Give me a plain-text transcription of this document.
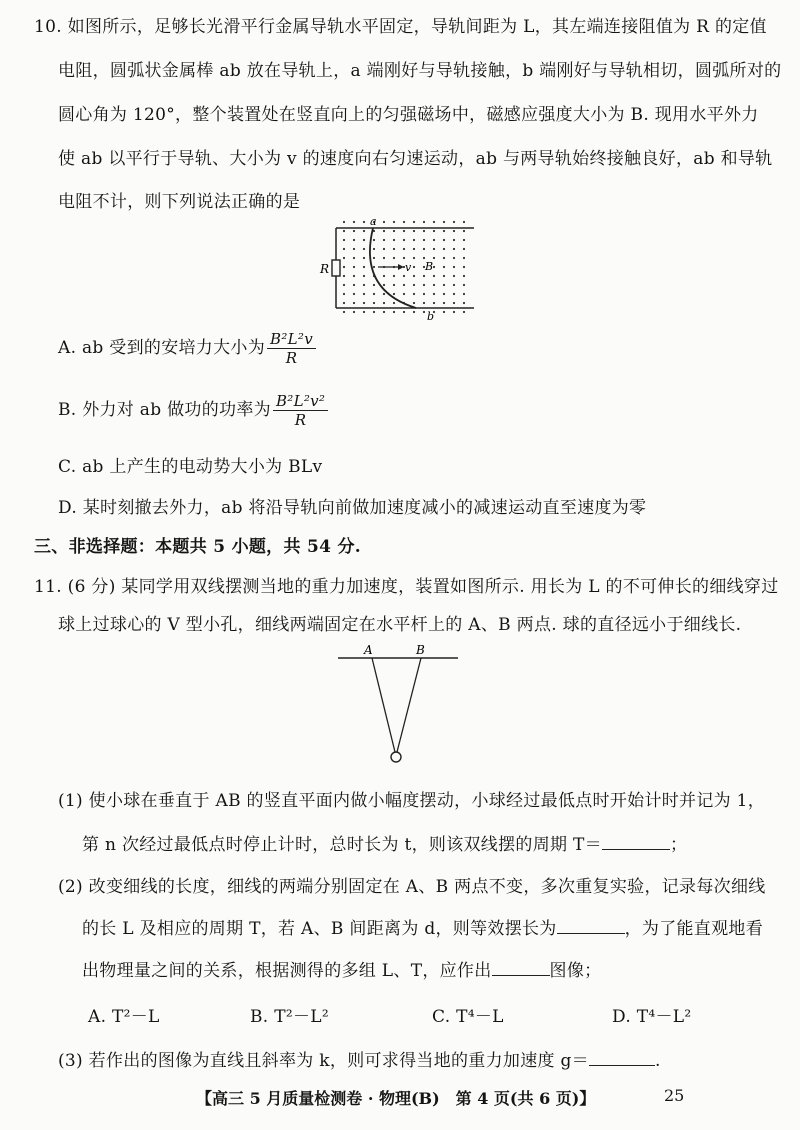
10. 如图所示，足够长光滑平行金属导轨水平固定，导轨间距为 L，其左端连接阻值为 R 的定值
电阻，圆弧状金属棒 ab 放在导轨上，a 端刚好与导轨接触，b 端刚好与导轨相切，圆弧所对的
圆心角为 120°，整个装置处在竖直向上的匀强磁场中，磁感应强度大小为 B. 现用水平外力
使 ab 以平行于导轨、大小为 v 的速度向右匀速运动，ab 与两导轨始终接触良好，ab 和导轨
电阻不计，则下列说法正确的是
R
a
b
v B
A. ab 受到的安培力大小为 $\frac{\text{B²L²v}}{R}$
B. 外力对 ab 做功的功率为 $\frac{\text{B²L²v²}}{R}$
C. ab 上产生的电动势大小为 BLv
D. 某时刻撤去外力，ab 将沿导轨向前做加速度减小的减速运动直至速度为零
三、非选择题：本题共 5 小题，共 54 分.
11. (6 分) 某同学用双线摆测当地的重力加速度，装置如图所示. 用长为 L 的不可伸长的细线穿过
球上过球心的 V 型小孔，细线两端固定在水平杆上的 A、B 两点. 球的直径远小于细线长.
A	B
(1) 使小球在垂直于 AB 的竖直平面内做小幅度摆动，小球经过最低点时开始计时并记为 1，
第 n 次经过最低点时停止计时，总时长为 t，则该双线摆的周期 T＝	；
(2) 改变细线的长度，细线的两端分别固定在 A、B 两点不变，多次重复实验，记录每次细线
的长 L 及相应的周期 T，若 A、B 间距离为 d，则等效摆长为	，为了能直观地看
出物理量之间的关系，根据测得的多组 L、T，应作出	图像；
A. T²－L	B. T²－L²	C. T⁴－L	D. T⁴－L²
(3) 若作出的图像为直线且斜率为 k，则可求得当地的重力加速度 g＝	.
【高三 5 月质量检测卷 · 物理(B)　第 4 页(共 6 页)】	25
